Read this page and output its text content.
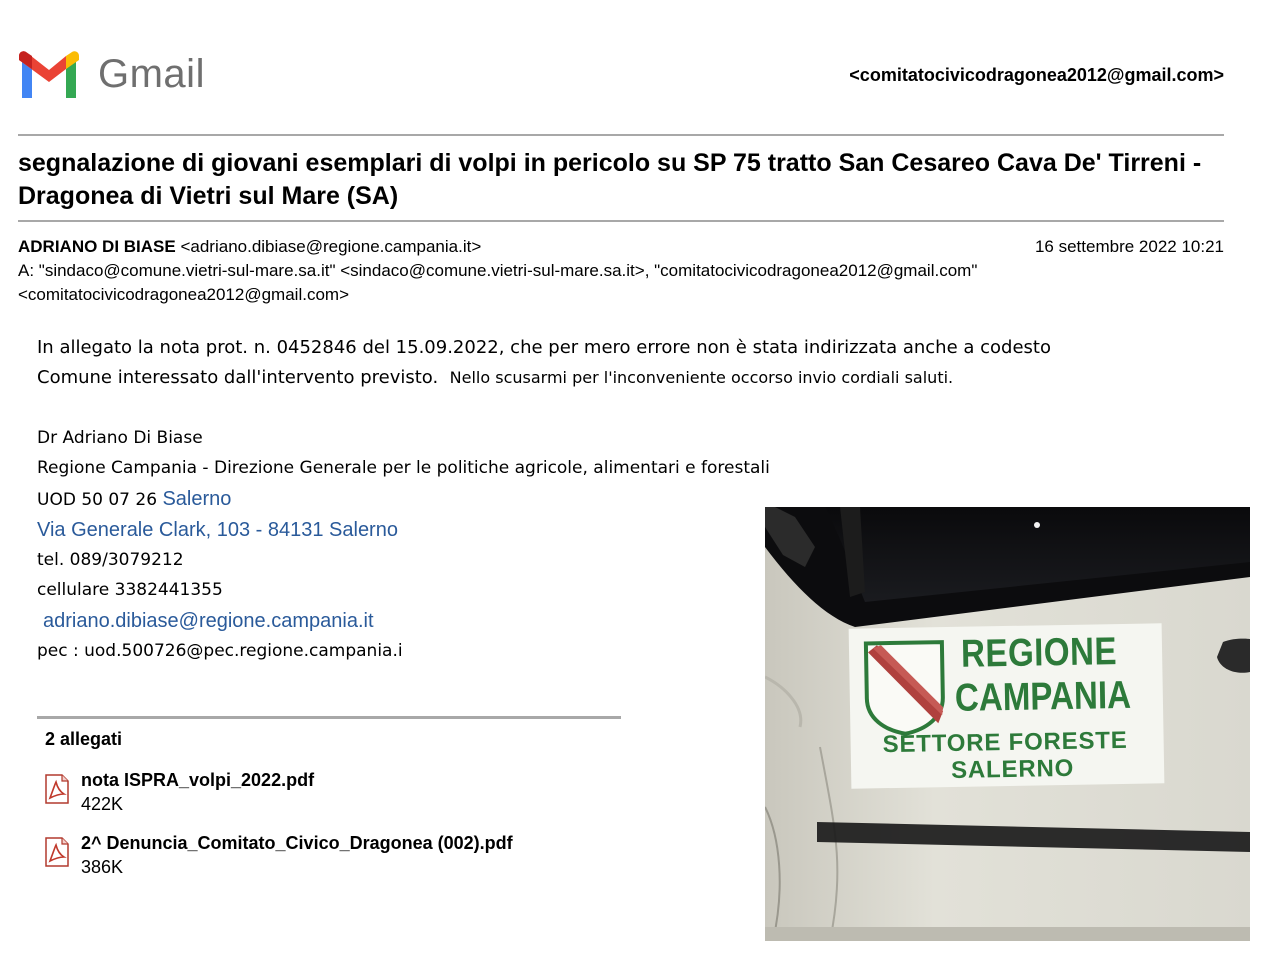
Gmail	<comitatocivicodragonea2012@gmail.com>
segnalazione di giovani esemplari di volpi in pericolo su SP 75 tratto San Cesareo Cava De' Tirreni - Dragonea di Vietri sul Mare (SA)
ADRIANO DI BIASE <adriano.dibiase@regione.campania.it>	16 settembre 2022 10:21
A: "sindaco@comune.vietri-sul-mare.sa.it" <sindaco@comune.vietri-sul-mare.sa.it>, "comitatocivicodragonea2012@gmail.com"
<comitatocivicodragonea2012@gmail.com>
In allegato la nota prot. n. 0452846 del 15.09.2022, che per mero errore non è stata indirizzata anche a codesto
Comune interessato dall'intervento previsto. Nello scusarmi per l'inconveniente occorso invio cordiali saluti.
Dr Adriano Di Biase
Regione Campania - Direzione Generale per le politiche agricole, alimentari e forestali
UOD 50 07 26 Salerno
Via Generale Clark, 103 - 84131 Salerno
tel. 089/3079212
cellulare 3382441355
adriano.dibiase@regione.campania.it
pec : uod.500726@pec.regione.campania.i
2 allegati
nota ISPRA_volpi_2022.pdf
422K
2^ Denuncia_Comitato_Civico_Dragonea (002).pdf
386K
REGIONE
CAMPANIA
SETTORE FORESTE
SALERNO
